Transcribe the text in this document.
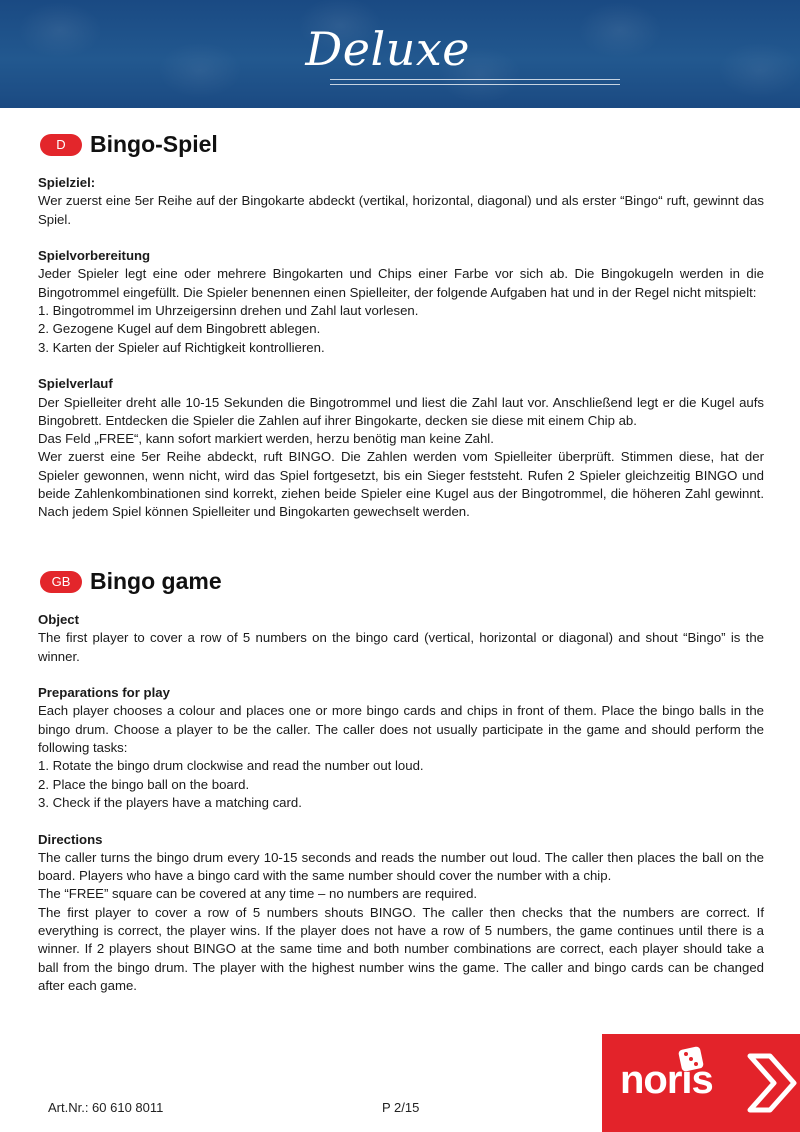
Deluxe
D	Bingo-Spiel

Spielziel:

Wer zuerst eine 5er Reihe auf der Bingokarte abdeckt (vertikal, horizontal, diagonal) und als erster “Bingo“ ruft, gewinnt das Spiel.

Spielvorbereitung

Jeder Spieler legt eine oder mehrere Bingokarten und Chips einer Farbe vor sich ab. Die Bingokugeln werden in die Bingotrommel eingefüllt. Die Spieler benennen einen Spielleiter, der folgende Aufgaben hat und in der Regel nicht mitspielt:

1. Bingotrommel im Uhrzeigersinn drehen und Zahl laut vorlesen.

2. Gezogene Kugel auf dem Bingobrett ablegen.

3. Karten der Spieler auf Richtigkeit kontrollieren.

Spielverlauf

Der Spielleiter dreht alle 10-15 Sekunden die Bingotrommel und liest die Zahl laut vor. Anschließend legt er die Kugel aufs Bingobrett. Entdecken die Spieler die Zahlen auf ihrer Bingokarte, decken sie diese mit einem Chip ab.

Das Feld „FREE“, kann sofort markiert werden, herzu benötig man keine Zahl.

Wer zuerst eine 5er Reihe abdeckt, ruft BINGO. Die Zahlen werden vom Spielleiter überprüft. Stimmen diese, hat der Spieler gewonnen, wenn nicht, wird das Spiel fortgesetzt, bis ein Sieger feststeht. Rufen 2 Spieler gleichzeitig BINGO und beide Zahlenkombinationen sind korrekt, ziehen beide Spieler eine Kugel aus der Bingotrommel, die höheren Zahl gewinnt. Nach jedem Spiel können Spielleiter und Bingokarten gewechselt werden.

GB Bingo game

Object

The first player to cover a row of 5 numbers on the bingo card (vertical, horizontal or diagonal) and shout “Bingo” is the winner.

Preparations for play

Each player chooses a colour and places one or more bingo cards and chips in front of them. Place the bingo balls in the bingo drum. Choose a player to be the caller. The caller does not usually participate in the game and should perform the following tasks:

1. Rotate the bingo drum clockwise and read the number out loud.

2. Place the bingo ball on the board.

3. Check if the players have a matching card.

Directions

The caller turns the bingo drum every 10-15 seconds and reads the number out loud. The caller then places the ball on the board. Players who have a bingo card with the same number should cover the number with a chip.

The “FREE” square can be covered at any time – no numbers are required.

The first player to cover a row of 5 numbers shouts BINGO. The caller then checks that the numbers are correct. If everything is correct, the player wins. If the player does not have a row of 5 numbers, the game continues until there is a winner. If 2 players shout BINGO at the same time and both number combinations are correct, each player should take a ball from the bingo drum. The player with the highest number wins the game. The caller and bingo cards can be changed after each game.

Art.Nr.: 60 610 8011	P 2/15
noris
